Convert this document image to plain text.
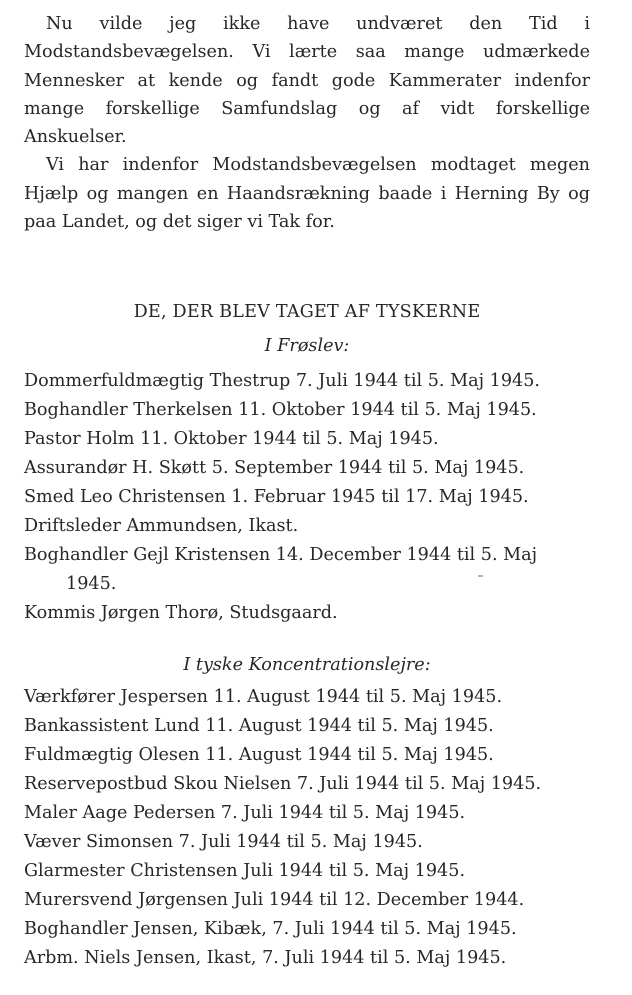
Nu vilde jeg ikke have undværet den Tid i Modstandsbevægelsen. Vi lærte saa mange udmærkede Mennesker at kende og fandt gode Kammerater indenfor mange forskellige Samfundslag og af vidt forskellige Anskuelser.

Vi har indenfor Modstandsbevægelsen modtaget megen Hjælp og mangen en Haandsrækning baade i Herning By og paa Landet, og det siger vi Tak for.

DE, DER BLEV TAGET AF TYSKERNE
I Frøslev:
Dommerfuldmægtig Thestrup 7. Juli 1944 til 5. Maj 1945.
Boghandler Therkelsen 11. Oktober 1944 til 5. Maj 1945.
Pastor Holm 11. Oktober 1944 til 5. Maj 1945.
Assurandør H. Skøtt 5. September 1944 til 5. Maj 1945.
Smed Leo Christensen 1. Februar 1945 til 17. Maj 1945.
Driftsleder Ammundsen, Ikast.
Boghandler Gejl Kristensen 14. December 1944 til 5. Maj 1945.
Kommis Jørgen Thorø, Studsgaard.
I tyske Koncentrationslejre:
Værkfører Jespersen 11. August 1944 til 5. Maj 1945.
Bankassistent Lund 11. August 1944 til 5. Maj 1945.
Fuldmægtig Olesen 11. August 1944 til 5. Maj 1945.
Reservepostbud Skou Nielsen 7. Juli 1944 til 5. Maj 1945.
Maler Aage Pedersen 7. Juli 1944 til 5. Maj 1945.
Væver Simonsen 7. Juli 1944 til 5. Maj 1945.
Glarmester Christensen Juli 1944 til 5. Maj 1945.
Murersvend Jørgensen Juli 1944 til 12. December 1944.
Boghandler Jensen, Kibæk, 7. Juli 1944 til 5. Maj 1945.
Arbm. Niels Jensen, Ikast, 7. Juli 1944 til 5. Maj 1945.
